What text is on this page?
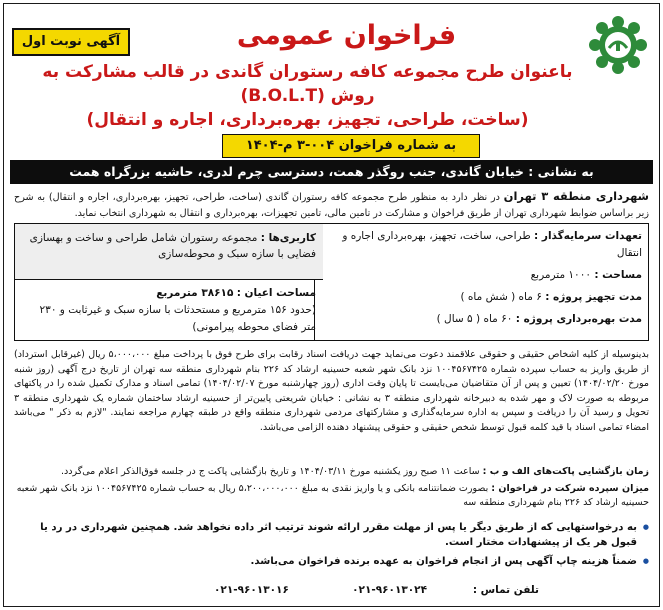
آگهی نوبت اول	فراخوان عمومی
باعنوان طرح مجموعه کافه رستوران گاندی در قالب مشارکت به روش (B.O.L.T)
(ساخت، طراحی، تجهیز، بهره‌برداری، اجاره و انتقال)
به شماره فراخوان ۰۰۴-۳ م-۱۴۰۴
به نشانی : خیابان گاندی، جنب روگذر همت، دسترسی چرم لدری، حاشیه بزرگراه همت
شهرداری منطقه ۳ تهران در نظر دارد به منظور طرح مجموعه کافه رستوران گاندی (ساخت، طراحی، تجهیز، بهره‌برداری، اجاره و انتقال) به شرح زیر براساس ضوابط شهرداری تهران از طریق فراخوان و مشارکت در تامین مالی، تامین تجهیزات، بهره‌برداری و انتقال به شهرداری انتخاب نماید.
تعهدات سرمایه‌گذار : طراحی، ساخت، تجهیز، بهره‌برداری اجاره و انتقال
مساحت : ۱۰۰۰ مترمربع
مدت تجهیز پروژه : ۶ ماه ( شش ماه )
مدت بهره‌برداری پروژه : ۶۰ ماه ( ۵ سال )
کاربری‌ها : مجموعه رستوران شامل طراحی و ساخت و بهسازی فضایی با سازه سبک و محوطه‌سازی
مساحت اعیان : ۳۸۶۱۵ مترمربع
(حدود ۱۵۶ مترمربع و مستحدثات با سازه سبک و غیرثابت و ۲۳۰ متر فضای محوطه پیرامونی)
بدینوسیله از کلیه اشخاص حقیقی و حقوقی علاقمند دعوت می‌نماید جهت دریافت اسناد رقابت برای طرح فوق با پرداخت مبلغ ۵،۰۰۰،۰۰۰ ریال (غیرقابل استرداد) از طریق واریز به حساب سپرده شماره ۱۰۰۴۵۶۷۴۲۵ نزد بانک شهر شعبه حسینیه ارشاد کد ۲۲۶ بنام شهرداری منطقه سه تهران از تاریخ درج آگهی (روز شنبه مورخ ۱۴۰۴/۰۲/۲۰) تعیین و پس از آن متقاضیان می‌بایست تا پایان وقت اداری (روز چهارشنبه مورخ ۱۴۰۴/۰۲/۰۷) تمامی اسناد و مدارک تکمیل شده را در پاکتهای مربوطه به صورت لاک و مهر شده به دبیرخانه شهرداری منطقه ۳ به نشانی : خیابان شریعتی پایین‌تر از حسینیه ارشاد ساختمان شماره یک شهرداری منطقه ۳ تحویل و رسید آن را دریافت و سپس به اداره سرمایه‌گذاری و مشارکتهای مردمی شهرداری منطقه واقع در طبقه چهارم مراجعه نمایند. "لازم به ذکر " می‌باشد امضاء تمامی اسناد با قید کلمه قبول توسط شخص حقیقی و حقوقی پیشنهاد دهنده الزامی می‌باشد.
زمان بازگشایی پاکت‌های الف و ب : ساعت ۱۱ صبح روز یکشنبه مورخ ۱۴۰۴/۰۳/۱۱ و تاریخ بازگشایی پاکت ج در جلسه فوق‌الذکر اعلام می‌گردد.
میزان سپرده شرکت در فراخوان : بصورت ضمانتنامه بانکی و یا واریز نقدی به مبلغ ۵،۲۰۰،۰۰۰،۰۰۰ ریال به حساب شماره ۱۰۰۴۵۶۷۴۲۵ نزد بانک شهر شعبه حسینیه ارشاد کد ۲۲۶ بنام شهرداری منطقه سه
● به درخواستهایی که از طریق دیگر یا پس از مهلت مقرر ارائه شوند ترتیب اثر داده نخواهد شد. همچنین شهرداری در رد یا قبول هر یک از پیشنهادات مختار است.
● ضمناً هزینه چاپ آگهی پس از انجام فراخوان به عهده برنده فراخوان می‌باشد.
تلفن تماس :
۰۲۱-۹۶۰۱۳۰۲۴
۰۲۱-۹۶۰۱۳۰۱۶
